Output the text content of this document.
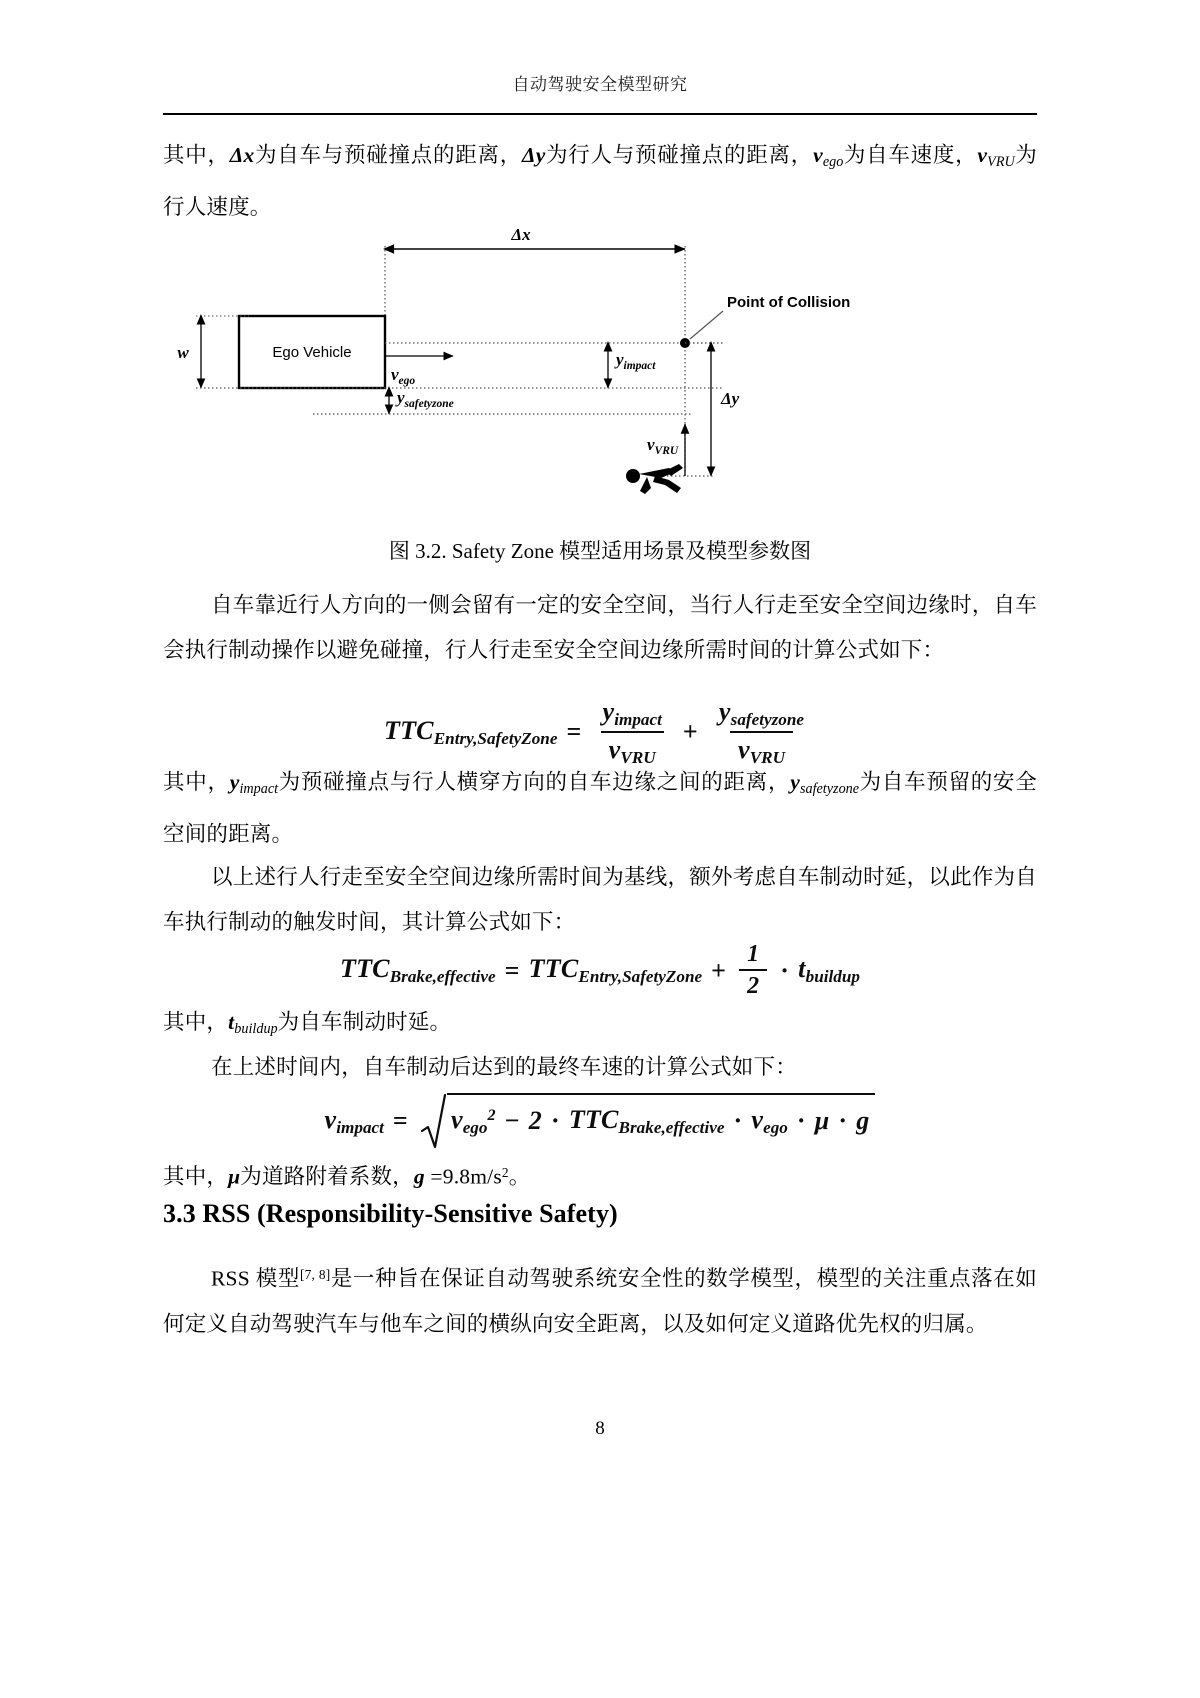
自动驾驶安全模型研究

其中，Δx为自车与预碰撞点的距离，Δy为行人与预碰撞点的距离，$v_{ego}$为自车速度，$v_{VRU}$为行人速度。

Δx
Ego Vehicle
w
$v_{ego}$
$y_{impact}$
$y_{safetyzone}$
Point of Collision
Δy
$v_{VRU}$
图 3.2. Safety Zone 模型适用场景及模型参数图

自车靠近行人方向的一侧会留有一定的安全空间，当行人行走至安全空间边缘时，自车会执行制动操作以避免碰撞，行人行走至安全空间边缘所需时间的计算公式如下：

$TTC_{Entry,SafetyZone} = \frac{y_{impact}}{v_{VRU}} + \frac{y_{safetyzone}}{v_{VRU}}$

其中，$y_{impact}$为预碰撞点与行人横穿方向的自车边缘之间的距离，$y_{safetyzone}$为自车预留的安全空间的距离。

以上述行人行走至安全空间边缘所需时间为基线，额外考虑自车制动时延，以此作为自车执行制动的触发时间，其计算公式如下：

$TTC_{Brake,effective} = TTC_{Entry,SafetyZone} + \frac{1}{2} \cdot t_{buildup}$

其中，$t_{buildup}$为自车制动时延。

在上述时间内，自车制动后达到的最终车速的计算公式如下：

$v_{impact} = v_{ego}^2 - 2 \cdot TTC_{Brake,effective} \cdot v_{ego} \cdot \mu \cdot g$

其中，μ为道路附着系数，$g =9.8m/s^2$。

3.3 RSS (Responsibility-Sensitive Safety)

RSS 模型[7, 8]是一种旨在保证自动驾驶系统安全性的数学模型，模型的关注重点落在如何定义自动驾驶汽车与他车之间的横纵向安全距离，以及如何定义道路优先权的归属。

8
